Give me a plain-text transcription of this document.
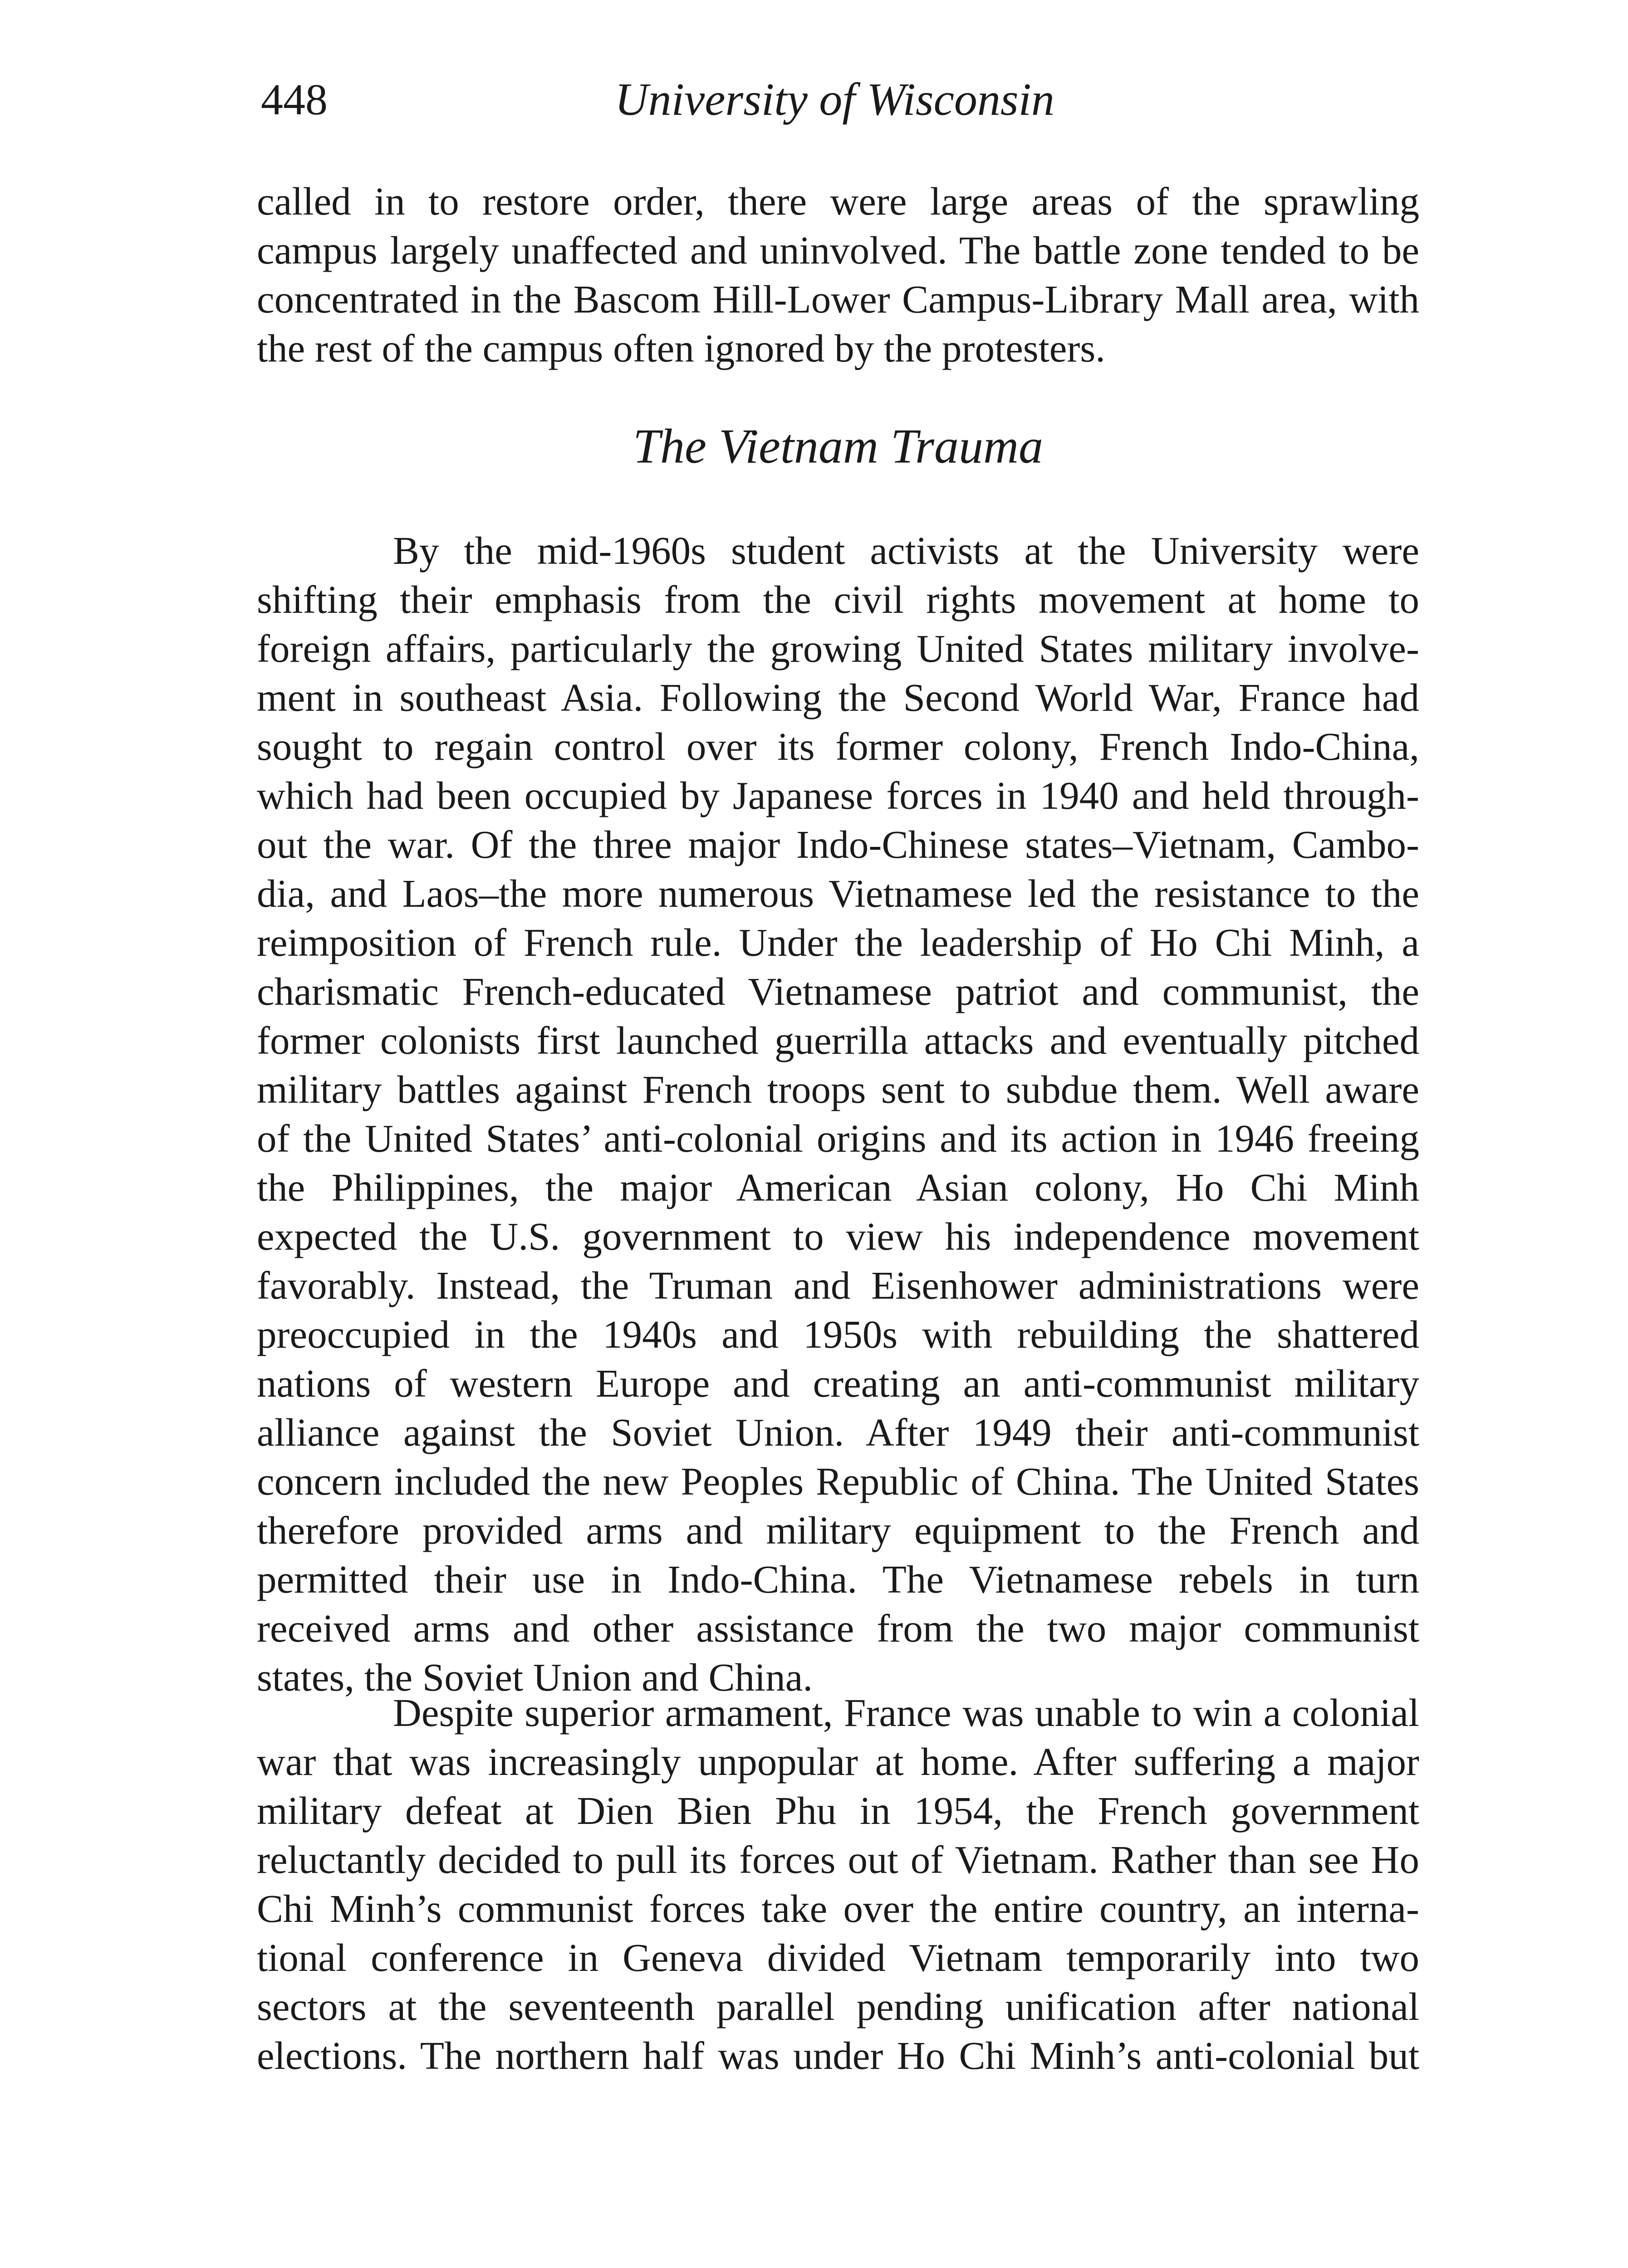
448	University of Wisconsin
called in to restore order, there were large areas of the sprawling
campus largely unaffected and uninvolved. The battle zone tended to be
concentrated in the Bascom Hill-Lower Campus-Library Mall area, with
the rest of the campus often ignored by the protesters.
The Vietnam Trauma
By the mid-1960s student activists at the University were
shifting their emphasis from the civil rights movement at home to
foreign affairs, particularly the growing United States military involve-
ment in southeast Asia. Following the Second World War, France had
sought to regain control over its former colony, French Indo-China,
which had been occupied by Japanese forces in 1940 and held through-
out the war. Of the three major Indo-Chinese states–Vietnam, Cambo-
dia, and Laos–the more numerous Vietnamese led the resistance to the
reimposition of French rule. Under the leadership of Ho Chi Minh, a
charismatic French-educated Vietnamese patriot and communist, the
former colonists first launched guerrilla attacks and eventually pitched
military battles against French troops sent to subdue them. Well aware
of the United States’ anti-colonial origins and its action in 1946 freeing
the Philippines, the major American Asian colony, Ho Chi Minh
expected the U.S. government to view his independence movement
favorably. Instead, the Truman and Eisenhower administrations were
preoccupied in the 1940s and 1950s with rebuilding the shattered
nations of western Europe and creating an anti-communist military
alliance against the Soviet Union. After 1949 their anti-communist
concern included the new Peoples Republic of China. The United States
therefore provided arms and military equipment to the French and
permitted their use in Indo-China. The Vietnamese rebels in turn
received arms and other assistance from the two major communist
states, the Soviet Union and China.
Despite superior armament, France was unable to win a colonial
war that was increasingly unpopular at home. After suffering a major
military defeat at Dien Bien Phu in 1954, the French government
reluctantly decided to pull its forces out of Vietnam. Rather than see Ho
Chi Minh’s communist forces take over the entire country, an interna-
tional conference in Geneva divided Vietnam temporarily into two
sectors at the seventeenth parallel pending unification after national
elections. The northern half was under Ho Chi Minh’s anti-colonial but
